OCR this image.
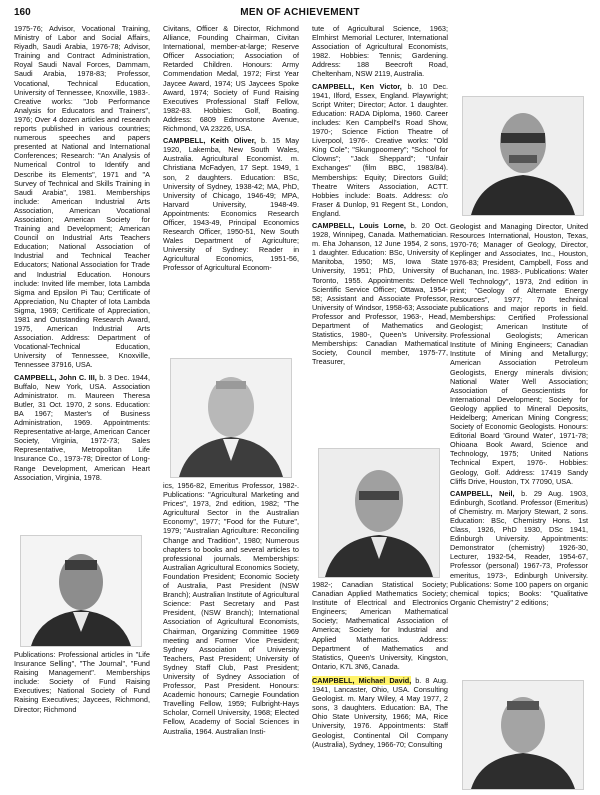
160	MEN OF ACHIEVEMENT

1975-76; Advisor, Vocational Training, Ministry of Labor and Social Affairs, Riyadh, Saudi Arabia, 1976-78; Advisor, Training and Contract Administration, Royal Saudi Naval Forces, Dammam, Saudi Arabia, 1978-83; Professor, Vocational, Technical Education, University of Tennessee, Knoxville, 1983-. Creative works: "Job Performance Analysis for Educators and Trainers", 1976; Over 4 dozen articles and research reports published in various countries; numerous speeches and papers presented at National and International Conferences; Research: "An Analysis of Numerical Control to Identify and Describe its Elements", 1971 and "A Survey of Technical and Skills Training in Saudi Arabia", 1981. Memberships include: American Industrial Arts Association, American Vocational Association; American Society for Training and Development; American Council on Industrial Arts Teachers Education; National Association of Industrial and Technical Teacher Educators; National Association for Trade and Industrial Education. Honours include: Invited life member, Iota Lambda Sigma and Epsilon Pi Tau; Certificate of Appreciation, Nu Chapter of Iota Lambda Sigma, 1969; Certificate of Appreciation, 1981 and Outstanding Research Award, 1975, American Industrial Arts Association. Address: Department of Vocational-Technical Education, University of Tennessee, Knoxville, Tennessee 37916, USA.

CAMPBELL, John C. III, b. 3 Dec. 1944, Buffalo, New York, USA. Association Administrator. m. Maureen Theresa Butler, 31 Oct. 1970, 2 sons. Education: BA 1967; Master's of Business Administration, 1969. Appointments: Representative at-large, American Cancer Society, Virginia, 1972-73; Sales Representative, Metropolitan Life Insurance Co., 1973-78; Director of Long-Range Development, American Heart Association, Virginia, 1978.

Publications: Professional articles in "Life Insurance Selling", "The Journal", "Fund Raising Management". Memberships include: Society of Fund Raising Executives; National Society of Fund Raising Executives; Jaycees, Richmond, Director; Richmond

Civitans, Officer & Director, Richmond Alliance, Founding Chairman, Civitan International, member-at-large; Reserve Officer Association; Association of Retarded Children. Honours: Army Commendation Medal, 1972; First Year Jaycee Award, 1974; US Jaycees Spoke Award, 1974; Society of Fund Raising Executives Professional Staff Fellow, 1982-83. Hobbies: Golf, Boating. Address: 6809 Edmonstone Avenue, Richmond, VA 23226, USA.

CAMPBELL, Keith Oliver, b. 15 May 1920, Lakemba, New South Wales, Australia. Agricultural Economist. m. Christiana McFadyen, 17 Sept. 1949, 1 son, 2 daughters. Education: BSc, University of Sydney, 1938-42; MA, PhD, University of Chicago, 1946-49; MPA, Harvard University, 1948-49. Appointments: Economics Research Officer, 1943-49, Principal Economics Research Officer, 1950-51, New South Wales Department of Agriculture; University of Sydney: Reader in Agricultural Economics, 1951-56, Professor of Agricultural Econom-

ics, 1956-82, Emeritus Professor, 1982-. Publications: "Agricultural Marketing and Prices", 1973, 2nd edition, 1982; "The Agricultural Sector in the Australian Economy", 1977; "Food for the Future", 1979; "Australian Agriculture: Reconciling Change and Tradition", 1980; Numerous chapters to books and several articles to professional journals. Memberships: Australian Agricultural Economics Society, Foundation President; Economic Society of Australia, Past President (NSW Branch); Australian Institute of Agricultural Science: Past Secretary and Past President, (NSW Branch); International Association of Agricultural Economists, Chairman, Organizing Committee 1969 meeting and Former Vice President; Sydney Association of University Teachers, Past President; University of Sydney Staff Club, Past President; University of Sydney Association of Professor, Past President. Honours: Academic honours; Carnegie Foundation Travelling Fellow, 1959; Fulbright-Hays Scholar, Cornell University, 1968; Elected Fellow, Academy of Social Sciences in Australia, 1964. Australian Insti-

tute of Agricultural Science, 1963; Elmhirst Memorial Lecturer, International Association of Agricultural Economists, 1982. Hobbies: Tennis; Gardening. Address: 188 Beecroft Road, Cheltenham, NSW 2119, Australia.

CAMPBELL, Ken Victor, b. 10 Dec. 1941, Ilford, Essex, England. Playwright; Script Writer; Director; Actor. 1 daughter. Education: RADA Diploma, 1960. Career includes: Ken Campbell's Road Show, 1970-; Science Fiction Theatre of Liverpool, 1976-. Creative works: "Old King Cole"; "Skungpoomery"; "School for Clowns"; "Jack Sheppard"; "Unfair Exchanges" (film BBC, 1983/84). Memberships: Equity; Directors Guild; Theatre Writers Association, ACTT. Hobbies include: Boats. Address: c/o Fraser & Dunlop, 91 Regent St., London, England.

CAMPBELL, Louis Lorne, b. 20 Oct. 1928, Winnipeg, Canada. Mathematician. m. Eha Johanson, 12 June 1954, 2 sons, 1 daughter. Education: BSc, University of Manitoba, 1950; MS, Iowa State University, 1951; PhD, University of Toronto, 1955. Appointments: Defence Scientific Service Officer; Ottawa, 1954-58; Assistant and Associate Professor, University of Windsor, 1958-63; Associate Professor and Professor, 1963-, Head, Department of Mathematics and Statistics, 1980-, Queen's University. Memberships: Canadian Mathematical Society, Council member, 1975-77, Treasurer,

1982-; Canadian Statistical Society; Canadian Applied Mathematics Society; Institute of Electrical and Electronics Engineers; American Mathematical Society; Mathematical Association of America; Society for Industrial and Applied Mathematics. Address: Department of Mathematics and Statistics, Queen's University, Kingston, Ontario, K7L 3N6, Canada.

Geologist and Managing Director, United Resources International, Houston, Texas, 1970-76; Manager of Geology, Director, Keplinger and Associates, Inc., Houston, 1976-83; President, Campbell, Foss and Buchanan, Inc. 1983-. Publications: Water Well Technology", 1973, 2nd edition in print; "Geology of Alternate Energy Resources", 1977; 70 technical publications and major reports in field. Memberships: Certified Professional Geologist; American Institute of Professional Geologists; American Institute of Mining Engineers; Canadian Institute of Mining and Metallurgy; American Association Petroleum Geologists, Energy minerals division; National Water Well Association; Association of Geoscientists for International Development; Society for Geology applied to Mineral Deposits, Heidelberg; American Mining Congress; Society of Economic Geologists. Honours: Editorial Board 'Ground Water', 1971-78; Ohioana Book Award, Science and Technology, 1975; United Nations Technical Expert, 1976-. Hobbies: Geology, Golf. Address: 17419 Sandy Cliffs Drive, Houston, TX 77090, USA.

CAMPBELL, Neil, b. 29 Aug. 1903, Edinburgh, Scotland. Professor (Emeritus) of Chemistry. m. Marjory Stewart, 2 sons. Education: BSc, Chemistry Hons. 1st Class, 1926, PhD 1930, DSc 1941, Edinburgh University. Appointments: Demonstrator (chemistry) 1926-30, Lecturer, 1932-54, Reader, 1954-67, Professor (personal) 1967-73, Professor emeritus, 1973-, Edinburgh University. Publications: Some 100 papers on organic chemical topics; Books: "Qualitative Organic Chemistry" 2 editions;

CAMPBELL, Michael David, b. 8 Aug. 1941, Lancaster, Ohio, USA. Consulting Geologist. m. Mary Wiley, 4 May 1977, 2 sons, 3 daughters. Education: BA, The Ohio State University, 1966; MA, Rice University, 1976. Appointments: Staff Geologist, Continental Oil Company (Australia), Sydney, 1966-70; Consulting
